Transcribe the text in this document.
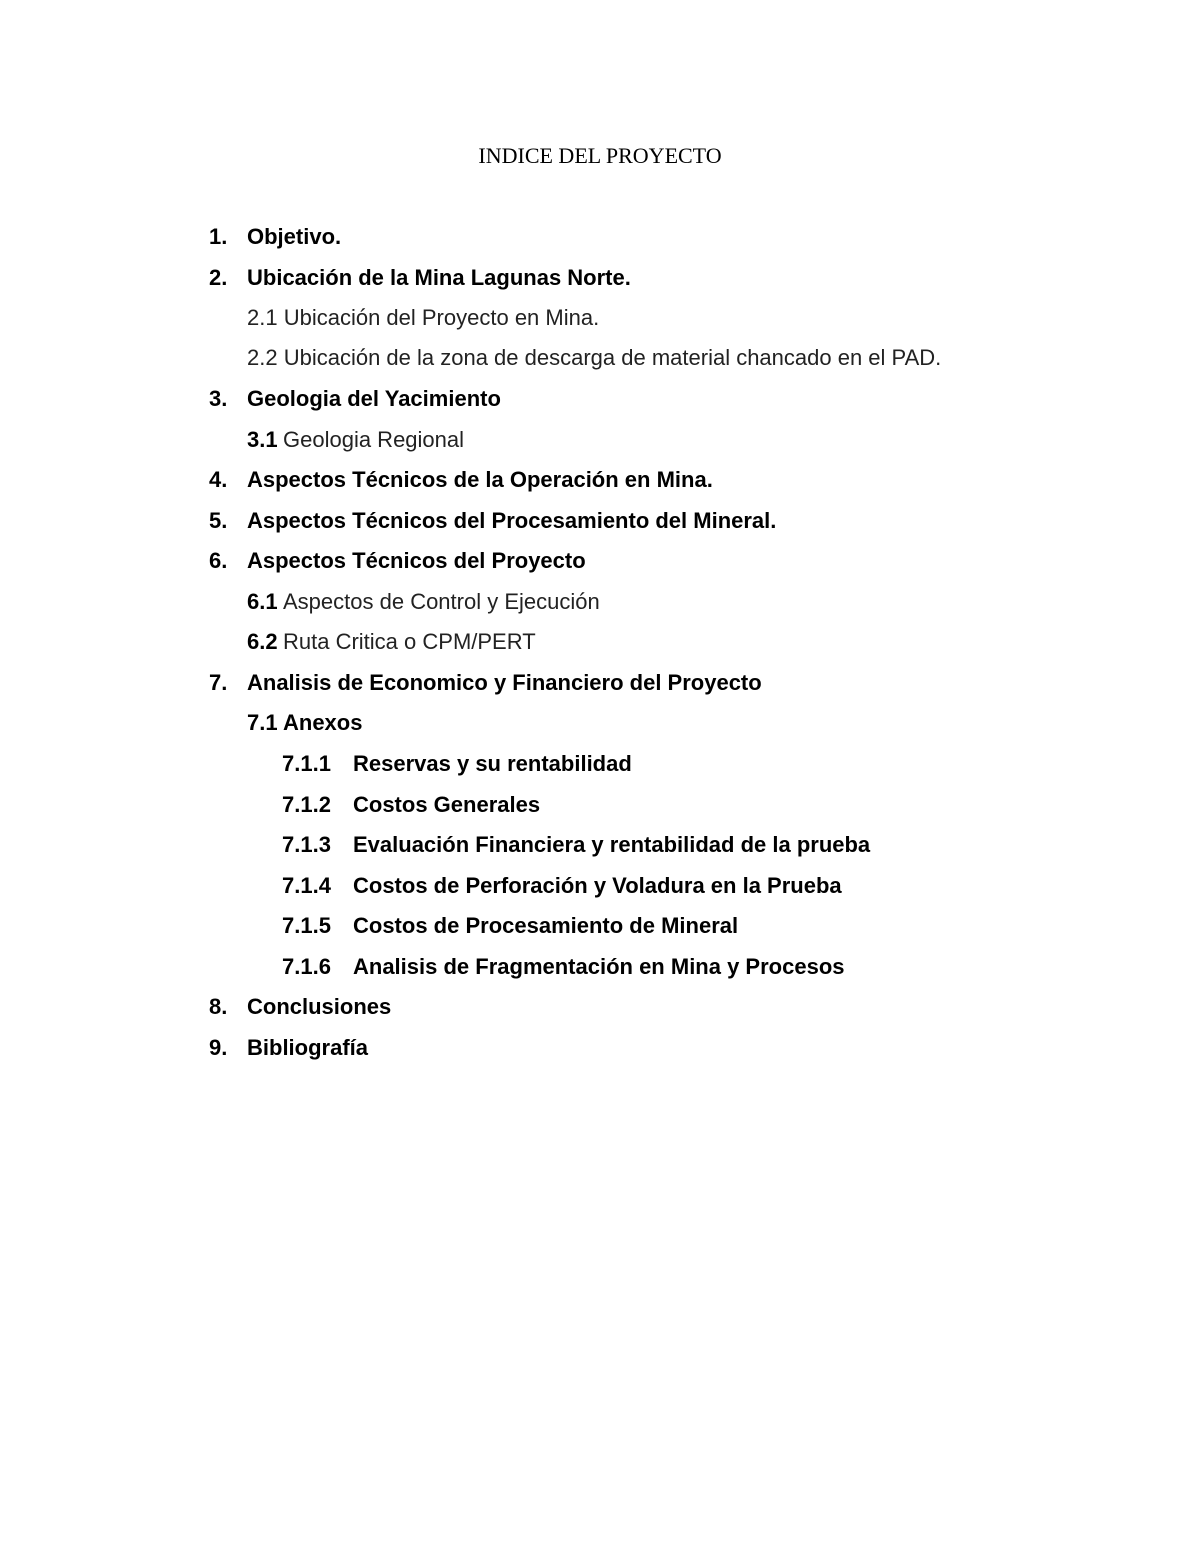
INDICE DEL PROYECTO
1. Objetivo.
2. Ubicación de la Mina Lagunas Norte.
2.1 Ubicación del Proyecto en Mina.
2.2 Ubicación de la zona de descarga de material chancado en el PAD.
3. Geologia del Yacimiento
3.1 Geologia Regional
4. Aspectos Técnicos de la Operación en Mina.
5. Aspectos Técnicos del Procesamiento del Mineral.
6. Aspectos Técnicos del Proyecto
6.1 Aspectos de Control y Ejecución
6.2 Ruta Critica o CPM/PERT
7. Analisis de Economico y Financiero del Proyecto
7.1 Anexos
7.1.1 Reservas y su rentabilidad
7.1.2 Costos Generales
7.1.3 Evaluación Financiera y rentabilidad de la prueba
7.1.4 Costos de Perforación y Voladura en la Prueba
7.1.5 Costos de Procesamiento de Mineral
7.1.6 Analisis de Fragmentación en Mina y Procesos
8. Conclusiones
9. Bibliografía
